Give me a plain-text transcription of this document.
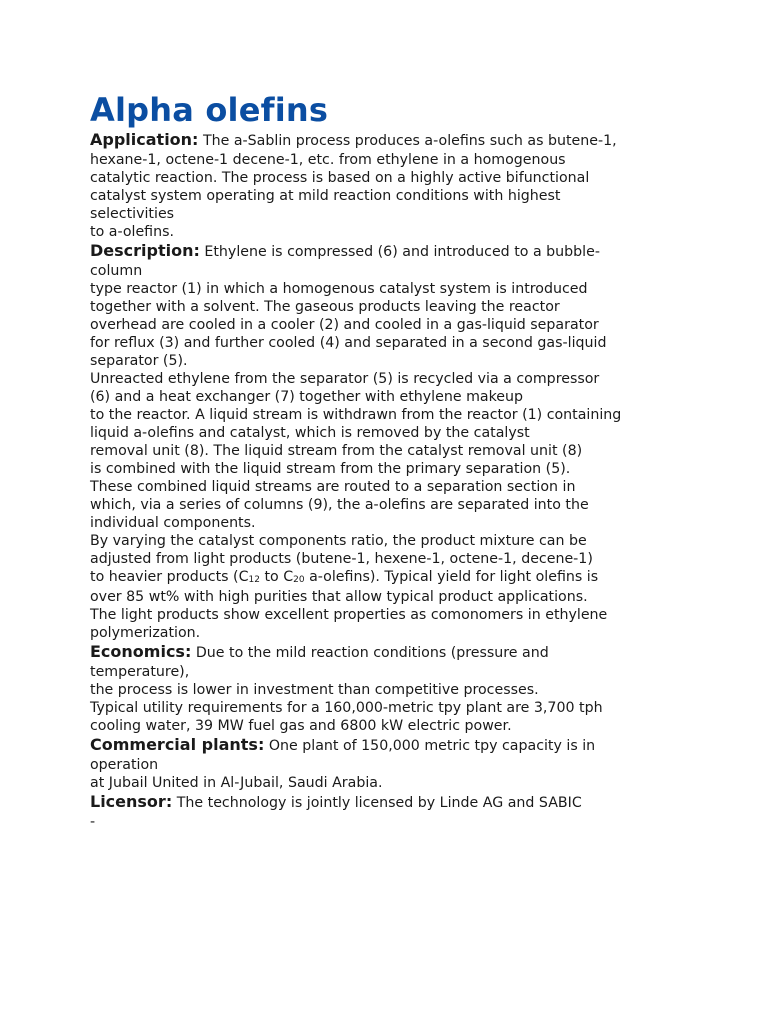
Alpha olefins
Application: The a-Sablin process produces a-olefins such as butene-1,
hexane-1, octene-1 decene-1, etc. from ethylene in a homogenous
catalytic reaction. The process is based on a highly active bifunctional
catalyst system operating at mild reaction conditions with highest
selectivities
to a-olefins.
Description: Ethylene is compressed (6) and introduced to a bubble-
column
type reactor (1) in which a homogenous catalyst system is introduced
together with a solvent. The gaseous products leaving the reactor
overhead are cooled in a cooler (2) and cooled in a gas-liquid separator
for reflux (3) and further cooled (4) and separated in a second gas-liquid
separator (5).
Unreacted ethylene from the separator (5) is recycled via a compressor
(6) and a heat exchanger (7) together with ethylene makeup
to the reactor. A liquid stream is withdrawn from the reactor (1) containing
liquid a-olefins and catalyst, which is removed by the catalyst
removal unit (8). The liquid stream from the catalyst removal unit (8)
is combined with the liquid stream from the primary separation (5).
These combined liquid streams are routed to a separation section in
which, via a series of columns (9), the a-olefins are separated into the
individual components.
By varying the catalyst components ratio, the product mixture can be
adjusted from light products (butene-1, hexene-1, octene-1, decene-1)
to heavier products ($C_{12}$ to $C_{20}$ a-olefins). Typical yield for light olefins is
over 85 wt% with high purities that allow typical product applications.
The light products show excellent properties as comonomers in ethylene
polymerization.
Economics: Due to the mild reaction conditions (pressure and
temperature),
the process is lower in investment than competitive processes.
Typical utility requirements for a 160,000-metric tpy plant are 3,700 tph
cooling water, 39 MW fuel gas and 6800 kW electric power.
Commercial plants: One plant of 150,000 metric tpy capacity is in
operation
at Jubail United in Al-Jubail, Saudi Arabia.
Licensor: The technology is jointly licensed by Linde AG and SABIC
-
